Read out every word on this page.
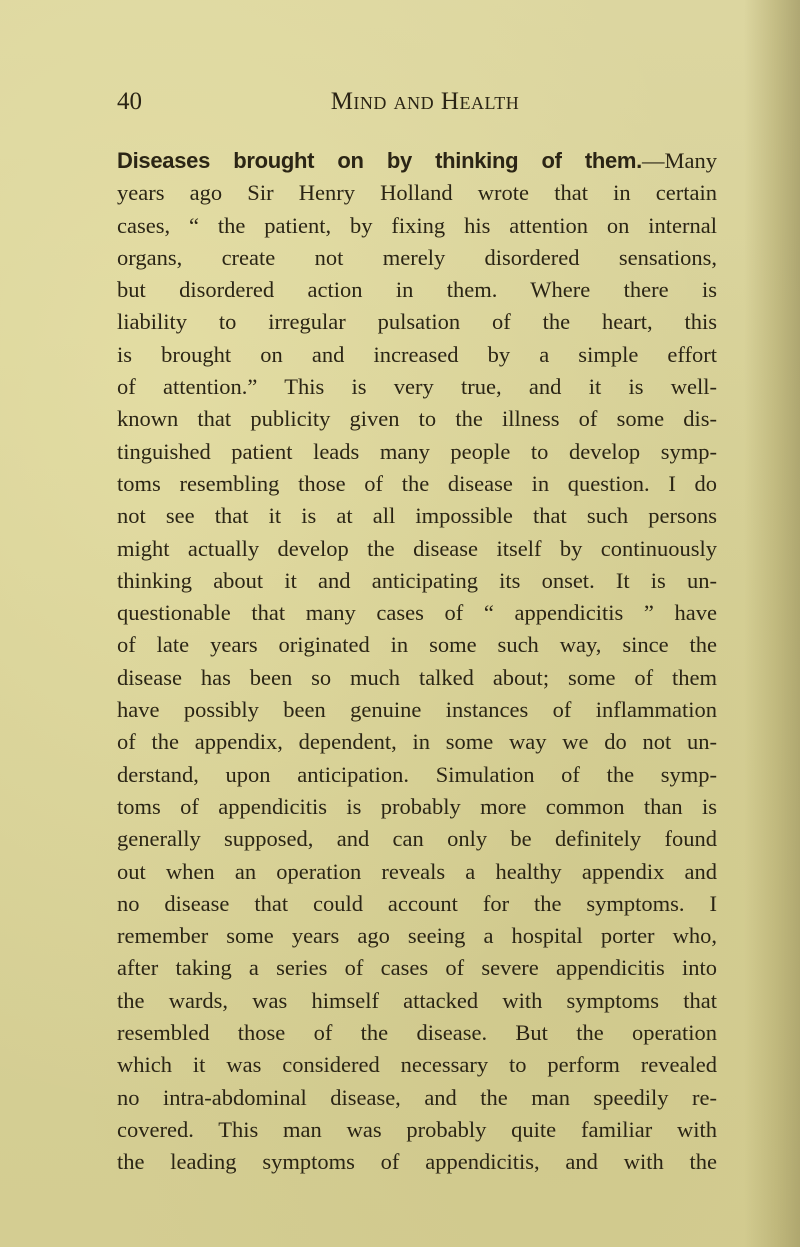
40	Mind and Health
Diseases brought on by thinking of them.—Many
years ago Sir Henry Holland wrote that in certain
cases, “ the patient, by fixing his attention on internal
organs, create not merely disordered sensations,
but disordered action in them. Where there is
liability to irregular pulsation of the heart, this
is brought on and increased by a simple effort
of attention.” This is very true, and it is well-
known that publicity given to the illness of some dis-
tinguished patient leads many people to develop symp-
toms resembling those of the disease in question. I do
not see that it is at all impossible that such persons
might actually develop the disease itself by continuously
thinking about it and anticipating its onset. It is un-
questionable that many cases of “ appendicitis ” have
of late years originated in some such way, since the
disease has been so much talked about; some of them
have possibly been genuine instances of inflammation
of the appendix, dependent, in some way we do not un-
derstand, upon anticipation. Simulation of the symp-
toms of appendicitis is probably more common than is
generally supposed, and can only be definitely found
out when an operation reveals a healthy appendix and
no disease that could account for the symptoms. I
remember some years ago seeing a hospital porter who,
after taking a series of cases of severe appendicitis into
the wards, was himself attacked with symptoms that
resembled those of the disease. But the operation
which it was considered necessary to perform revealed
no intra-abdominal disease, and the man speedily re-
covered. This man was probably quite familiar with
the leading symptoms of appendicitis, and with the
